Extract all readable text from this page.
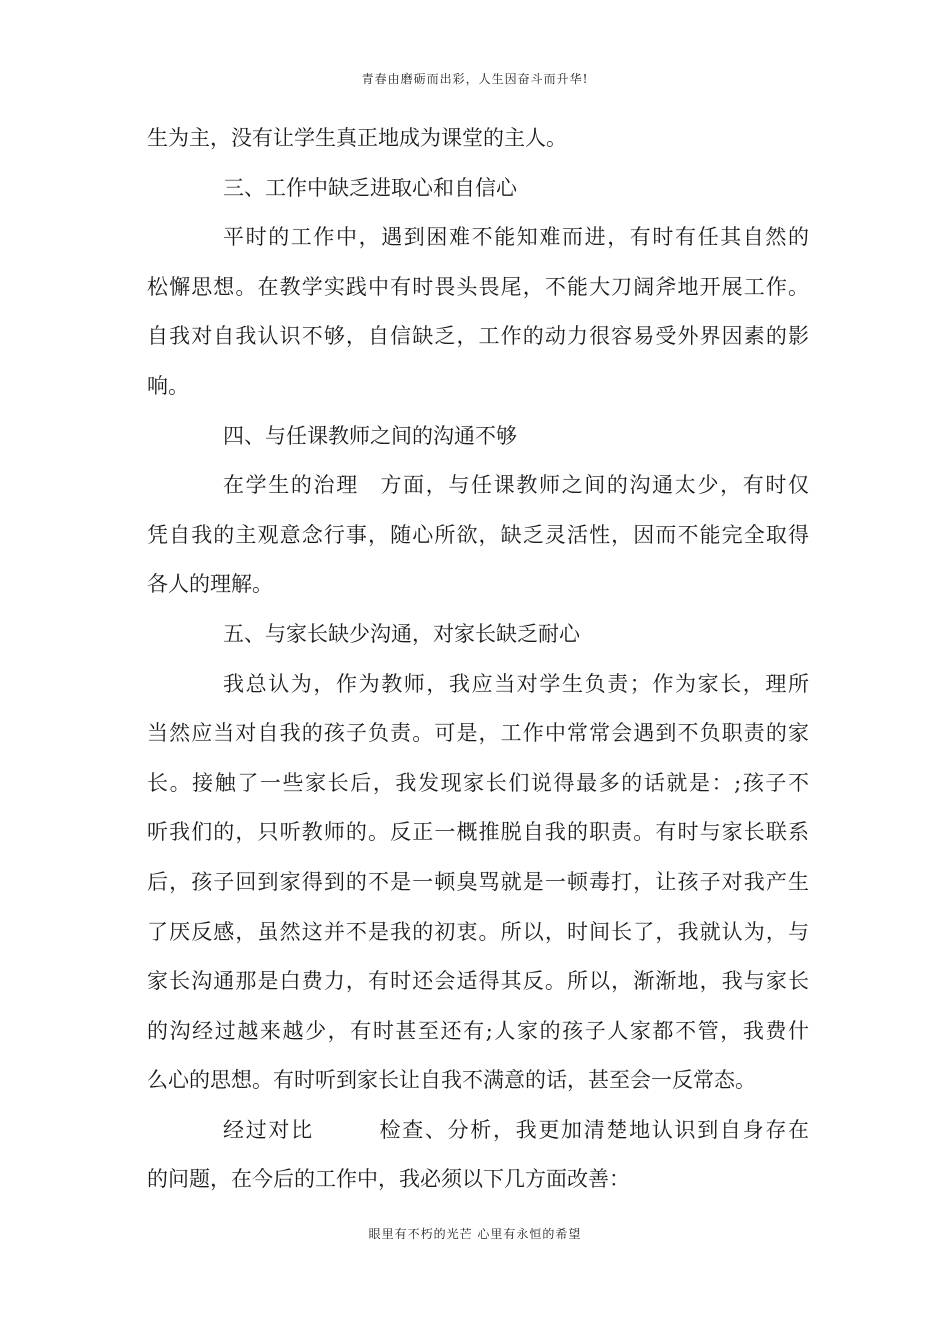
青春由磨砺而出彩，人生因奋斗而升华!
生为主，没有让学生真正地成为课堂的主人。
三、工作中缺乏进取心和自信心
平时的工作中，遇到困难不能知难而进，有时有任其自然的
松懈思想。在教学实践中有时畏头畏尾，不能大刀阔斧地开展工作。
自我对自我认识不够，自信缺乏，工作的动力很容易受外界因素的影
响。
四、与任课教师之间的沟通不够
在学生的治理 方面，与任课教师之间的沟通太少，有时仅
凭自我的主观意念行事，随心所欲，缺乏灵活性，因而不能完全取得
各人的理解。
五、与家长缺少沟通，对家长缺乏耐心
我总认为，作为教师，我应当对学生负责；作为家长，理所
当然应当对自我的孩子负责。可是，工作中常常会遇到不负职责的家
长。接触了一些家长后，我发现家长们说得最多的话就是：;孩子不
听我们的，只听教师的。反正一概推脱自我的职责。有时与家长联系
后，孩子回到家得到的不是一顿臭骂就是一顿毒打，让孩子对我产生
了厌反感，虽然这并不是我的初衷。所以，时间长了，我就认为，与
家长沟通那是白费力，有时还会适得其反。所以，渐渐地，我与家长
的沟经过越来越少，有时甚至还有;人家的孩子人家都不管，我费什
么心的思想。有时听到家长让自我不满意的话，甚至会一反常态。
经过对比	检查、分析，我更加清楚地认识到自身存在
的问题，在今后的工作中，我必须以下几方面改善：
眼里有不朽的光芒 心里有永恒的希望
